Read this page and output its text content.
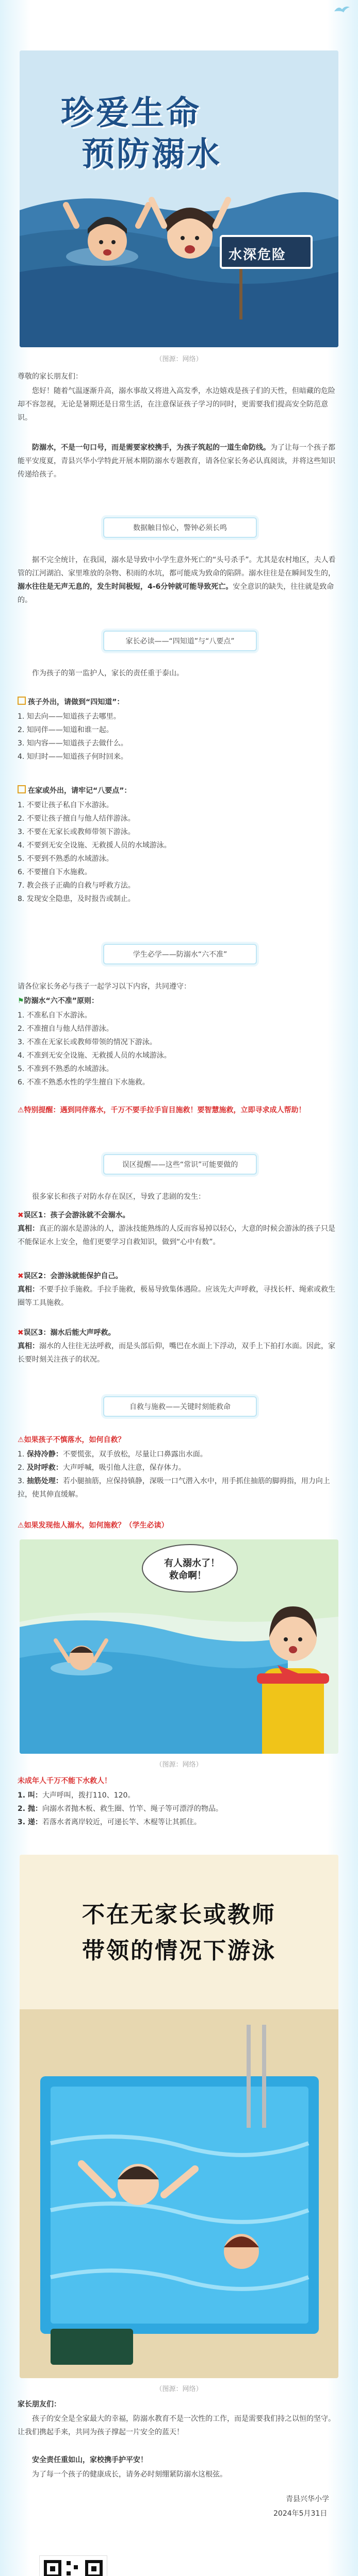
珍爱生命
预防溺水
水深危险
（图源：网络）
尊敬的家长朋友们：
您好！随着气温逐渐升高，溺水事故又将进入高发季，水边嬉戏是孩子们的天性，但暗藏的危险却不容忽视，无论是暑期还是日常生活，在注意保证孩子学习的同时，更需要我们提高安全防范意识。
防溺水，不是一句口号，而是需要家校携手，为孩子筑起的一道生命防线。为了让每一个孩子都能平安度夏，青县兴华小学特此开展本期防溺水专题教育，请各位家长务必认真阅读，并将这些知识传递给孩子。
数据触目惊心，警钟必须长鸣
据不完全统计，在我国，溺水是导致中小学生意外死亡的“头号杀手”。尤其是农村地区，夫人看管的江河湖泊、家里堆放的杂物、积雨的水坑，都可能成为致命的陷阱。溺水往往是在瞬间发生的，溺水往往是无声无息的，发生时间极短，4-6分钟就可能导致死亡。安全意识的缺失，往往就是致命的。
家长必读——“四知道”与“八要点”
作为孩子的第一监护人，家长的责任重于泰山。
孩子外出，请做到“四知道”：
1. 知去向——知道孩子去哪里。
2. 知同伴——知道和谁一起。
3. 知内容——知道孩子去做什么。
4. 知归时——知道孩子何时回来。
在家或外出，请牢记“八要点”：
1. 不要让孩子私自下水游泳。
2. 不要让孩子擅自与他人结伴游泳。
3. 不要在无家长或教师带领下游泳。
4. 不要到无安全设施、无救援人员的水域游泳。
5. 不要到不熟悉的水域游泳。
6. 不要擅自下水施救。
7. 教会孩子正确的自救与呼救方法。
8. 发现安全隐患，及时报告或制止。
学生必学——防溺水“六不准”
请各位家长务必与孩子一起学习以下内容，共同遵守：
⚑防溺水“六不准”原则：
1. 不准私自下水游泳。
2. 不准擅自与他人结伴游泳。
3. 不准在无家长或教师带领的情况下游泳。
4. 不准到无安全设施、无救援人员的水域游泳。
5. 不准到不熟悉的水域游泳。
6. 不准不熟悉水性的学生擅自下水施救。
⚠特别提醒：遇到同伴落水，千万不要手拉手盲目施救！要智慧施救，立即寻求成人帮助！
误区提醒——这些“常识”可能要做的
很多家长和孩子对防水存在误区，导致了悲剧的发生：
✖误区1：孩子会游泳就不会溺水。
真相：真正的溺水是游泳的人，游泳技能熟练的人反而容易掉以轻心，大意的时候会游泳的孩子只是不能保证水上安全，他们更要学习自救知识，做到“心中有数”。
✖误区2：会游泳就能保护自己。
真相：不要手拉手施救。手拉手施救，极易导致集体遇险。应该先大声呼救，寻找长杆、绳索或救生圈等工具施救。
✖误区3：溺水后能大声呼救。
真相：溺水的人往往无法呼救，而是头部后仰，嘴巴在水面上下浮动，双手上下拍打水面。因此，家长要时刻关注孩子的状况。
自救与施救——关键时刻能救命
⚠如果孩子不慎落水，如何自救？
1. 保持冷静：不要慌张，双手放松，尽量让口鼻露出水面。
2. 及时呼救：大声呼喊，吸引他人注意，保存体力。
3. 抽筋处理：若小腿抽筋，应保持镇静，深吸一口气潜入水中，用手抓住抽筋的脚拇指，用力向上拉，使其伸直缓解。
⚠如果发现他人溺水，如何施救？（学生必读）
有人溺水了！
救命啊！
（图源：网络）
未成年人千万不能下水救人！
1. 叫：大声呼叫，拨打110、120。
2. 抛：向溺水者抛木板、救生圈、竹竿、绳子等可漂浮的物品。
3. 递：若落水者离岸较近，可递长竿、木棍等让其抓住。
不在无家长或教师
带领的情况下游泳
（图源：网络）
家长朋友们：
孩子的安全是全家最大的幸福，防溺水教育不是一次性的工作，而是需要我们持之以恒的坚守。让我们携起手来，共同为孩子撑起一片安全的蓝天！
安全责任重如山，家校携手护平安！
为了每一个孩子的健康成长，请务必时刻绷紧防溺水这根弦。
青县兴华小学
2024年5月31日
